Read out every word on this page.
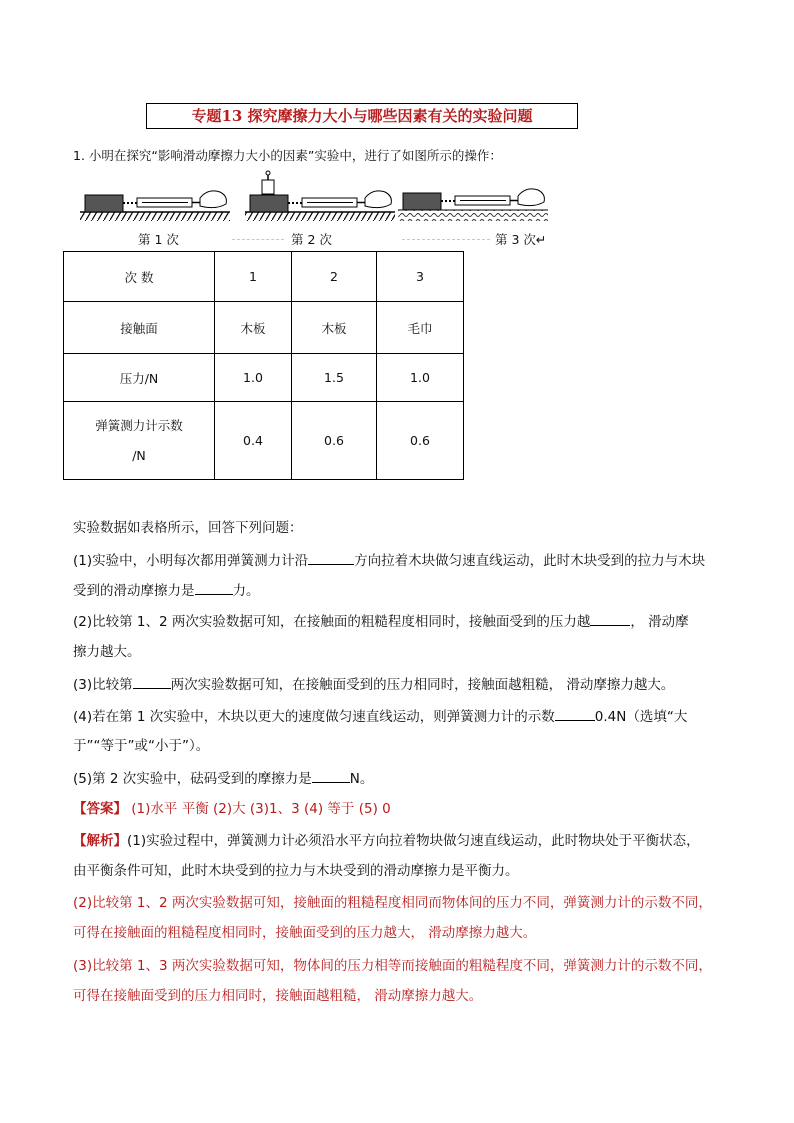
专题13 探究摩擦力大小与哪些因素有关的实验问题
1. 小明在探究“影响滑动摩擦力大小的因素”实验中，进行了如图所示的操作：
第 1 次	第 2 次	第 3 次↵
次 数	1	2	3
接触面	木板	木板	毛巾
压力/N	1.0	1.5	1.0
弹簧测力计示数
/N	0.4	0.6	0.6
实验数据如表格所示，回答下列问题：
(1)实验中，小明每次都用弹簧测力计沿	方向拉着木块做匀速直线运动，此时木块受到的拉力与木块
受到的滑动摩擦力是	力。
(2)比较第 1、2 两次实验数据可知，在接触面的粗糙程度相同时，接触面受到的压力越	， 滑动摩
擦力越大。
(3)比较第	两次实验数据可知，在接触面受到的压力相同时，接触面越粗糙， 滑动摩擦力越大。
(4)若在第 1 次实验中，木块以更大的速度做匀速直线运动，则弹簧测力计的示数	0.4N（选填“大
于”“等于”或“小于”）。
(5)第 2 次实验中，砝码受到的摩擦力是	N。
【答案】 (1)水平 平衡 (2)大 (3)1、3 (4) 等于 (5) 0
【解析】(1)实验过程中，弹簧测力计必须沿水平方向拉着物块做匀速直线运动，此时物块处于平衡状态，
由平衡条件可知，此时木块受到的拉力与木块受到的滑动摩擦力是平衡力。
(2)比较第 1、2 两次实验数据可知，接触面的粗糙程度相同而物体间的压力不同，弹簧测力计的示数不同，
可得在接触面的粗糙程度相同时，接触面受到的压力越大， 滑动摩擦力越大。
(3)比较第 1、3 两次实验数据可知，物体间的压力相等而接触面的粗糙程度不同，弹簧测力计的示数不同，
可得在接触面受到的压力相同时，接触面越粗糙， 滑动摩擦力越大。
